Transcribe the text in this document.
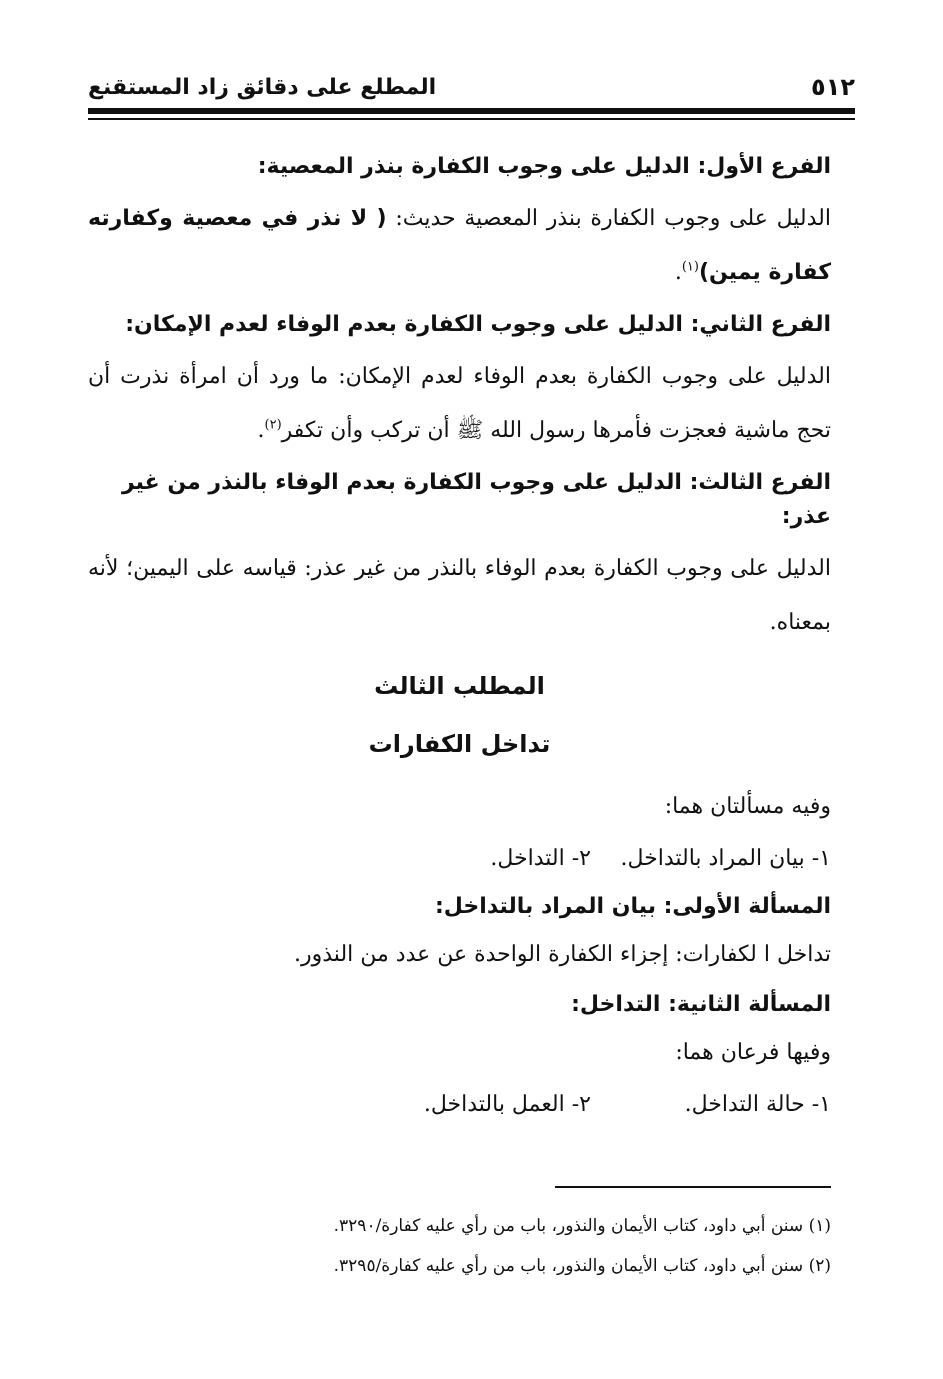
٥١٢
المطلع على دقائق زاد المستقنع
الفرع الأول: الدليل على وجوب الكفارة بنذر المعصية:

الدليل على وجوب الكفارة بنذر المعصية حديث: ( لا نذر في معصية وكفارته كفارة يمين)$^{(١)}$.

الفرع الثاني: الدليل على وجوب الكفارة بعدم الوفاء لعدم الإمكان:

الدليل على وجوب الكفارة بعدم الوفاء لعدم الإمكان: ما ورد أن امرأة نذرت أن تحج ماشية فعجزت فأمرها رسول الله ﷺ أن تركب وأن تكفر$^{(٢)}$.

الفرع الثالث: الدليل على وجوب الكفارة بعدم الوفاء بالنذر من غير عذر:

الدليل على وجوب الكفارة بعدم الوفاء بالنذر من غير عذر: قياسه على اليمين؛ لأنه بمعناه.

المطلب الثالث
تداخل الكفارات

وفيه مسألتان هما:

١- بيان المراد بالتداخل.
٢- التداخل.
المسألة الأولى: بيان المراد بالتداخل:

تداخل ا لكفارات: إجزاء الكفارة الواحدة عن عدد من النذور.

المسألة الثانية: التداخل:

وفيها فرعان هما:

١- حالة التداخل.
٢- العمل بالتداخل.

(١) سنن أبي داود، كتاب الأيمان والنذور، باب من رأي عليه كفارة/٣٢٩٠.

(٢) سنن أبي داود، كتاب الأيمان والنذور، باب من رأي عليه كفارة/٣٢٩٥.
